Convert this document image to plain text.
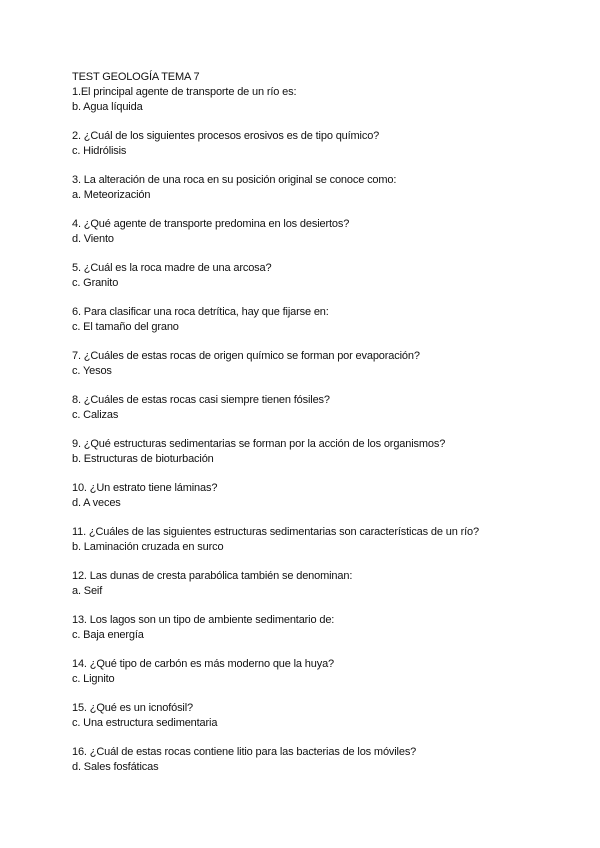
TEST GEOLOGÍA TEMA 7

1.El principal agente de transporte de un río es:

b. Agua líquida

2. ¿Cuál de los siguientes procesos erosivos es de tipo químico?

c. Hidrólisis

3. La alteración de una roca en su posición original se conoce como:

a. Meteorización

4. ¿Qué agente de transporte predomina en los desiertos?

d. Viento

5. ¿Cuál es la roca madre de una arcosa?

c. Granito

6. Para clasificar una roca detrítica, hay que fijarse en:

c. El tamaño del grano

7. ¿Cuáles de estas rocas de origen químico se forman por evaporación?

c. Yesos

8. ¿Cuáles de estas rocas casi siempre tienen fósiles?

c. Calizas

9. ¿Qué estructuras sedimentarias se forman por la acción de los organismos?

b. Estructuras de bioturbación

10. ¿Un estrato tiene láminas?

d. A veces

11. ¿Cuáles de las siguientes estructuras sedimentarias son características de un río?

b. Laminación cruzada en surco

12. Las dunas de cresta parabólica también se denominan:

a. Seif

13. Los lagos son un tipo de ambiente sedimentario de:

c. Baja energía

14. ¿Qué tipo de carbón es más moderno que la huya?

c. Lignito

15. ¿Qué es un icnofósil?

c. Una estructura sedimentaria

16. ¿Cuál de estas rocas contiene litio para las bacterias de los móviles?

d. Sales fosfáticas
